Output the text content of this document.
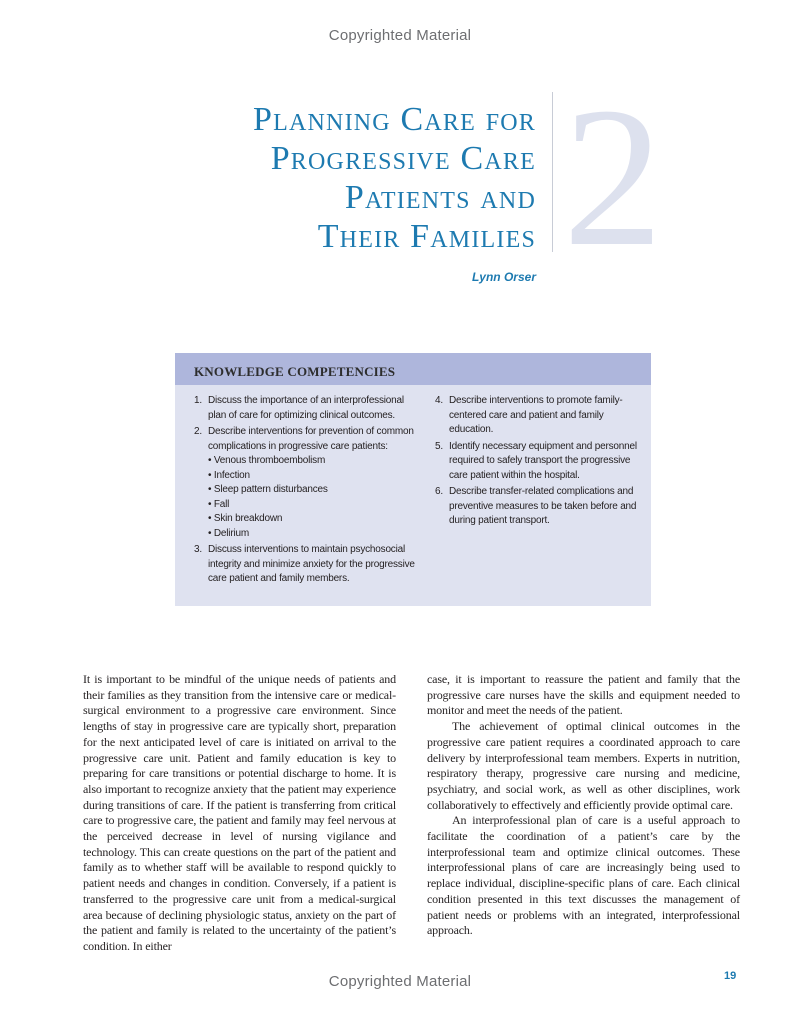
Copyrighted Material
2
Planning Care for
Progressive Care
Patients and
Their Families
Lynn Orser
KNOWLEDGE COMPETENCIES
1. Discuss the importance of an interprofessional plan of care for optimizing clinical outcomes.
2. Describe interventions for prevention of common complications in progressive care patients:
• Venous thromboembolism
• Infection
• Sleep pattern disturbances
• Fall
• Skin breakdown
• Delirium
3. Discuss interventions to maintain psychosocial integrity and minimize anxiety for the progressive care patient and family members.
4. Describe interventions to promote family-centered care and patient and family education.
5. Identify necessary equipment and personnel required to safely transport the progressive care patient within the hospital.
6. Describe transfer-related complications and preventive measures to be taken before and during patient transport.

It is important to be mindful of the unique needs of patients and their families as they transition from the intensive care or medical-surgical environment to a progressive care environment. Since lengths of stay in progressive care are typically short, preparation for the next anticipated level of care is initiated on arrival to the progressive care unit. Patient and family education is key to preparing for care transitions or potential discharge to home. It is also important to recognize anxiety that the patient may experience during transitions of care. If the patient is transferring from critical care to progressive care, the patient and family may feel nervous at the perceived decrease in level of nursing vigilance and technology. This can create questions on the part of the patient and family as to whether staff will be available to respond quickly to patient needs and changes in condition. Conversely, if a patient is transferred to the progressive care unit from a medical-surgical area because of declining physiologic status, anxiety on the part of the patient and family is related to the uncertainty of the patient’s condition. In either

case, it is important to reassure the patient and family that the progressive care nurses have the skills and equipment needed to monitor and meet the needs of the patient.

The achievement of optimal clinical outcomes in the progressive care patient requires a coordinated approach to care delivery by interprofessional team members. Experts in nutrition, respiratory therapy, progressive care nursing and medicine, psychiatry, and social work, as well as other disciplines, work collaboratively to effectively and efficiently provide optimal care.

An interprofessional plan of care is a useful approach to facilitate the coordination of a patient’s care by the interprofessional team and optimize clinical outcomes. These interprofessional plans of care are increasingly being used to replace individual, discipline-specific plans of care. Each clinical condition presented in this text discusses the management of patient needs or problems with an integrated, interprofessional approach.

Copyrighted Material	19
